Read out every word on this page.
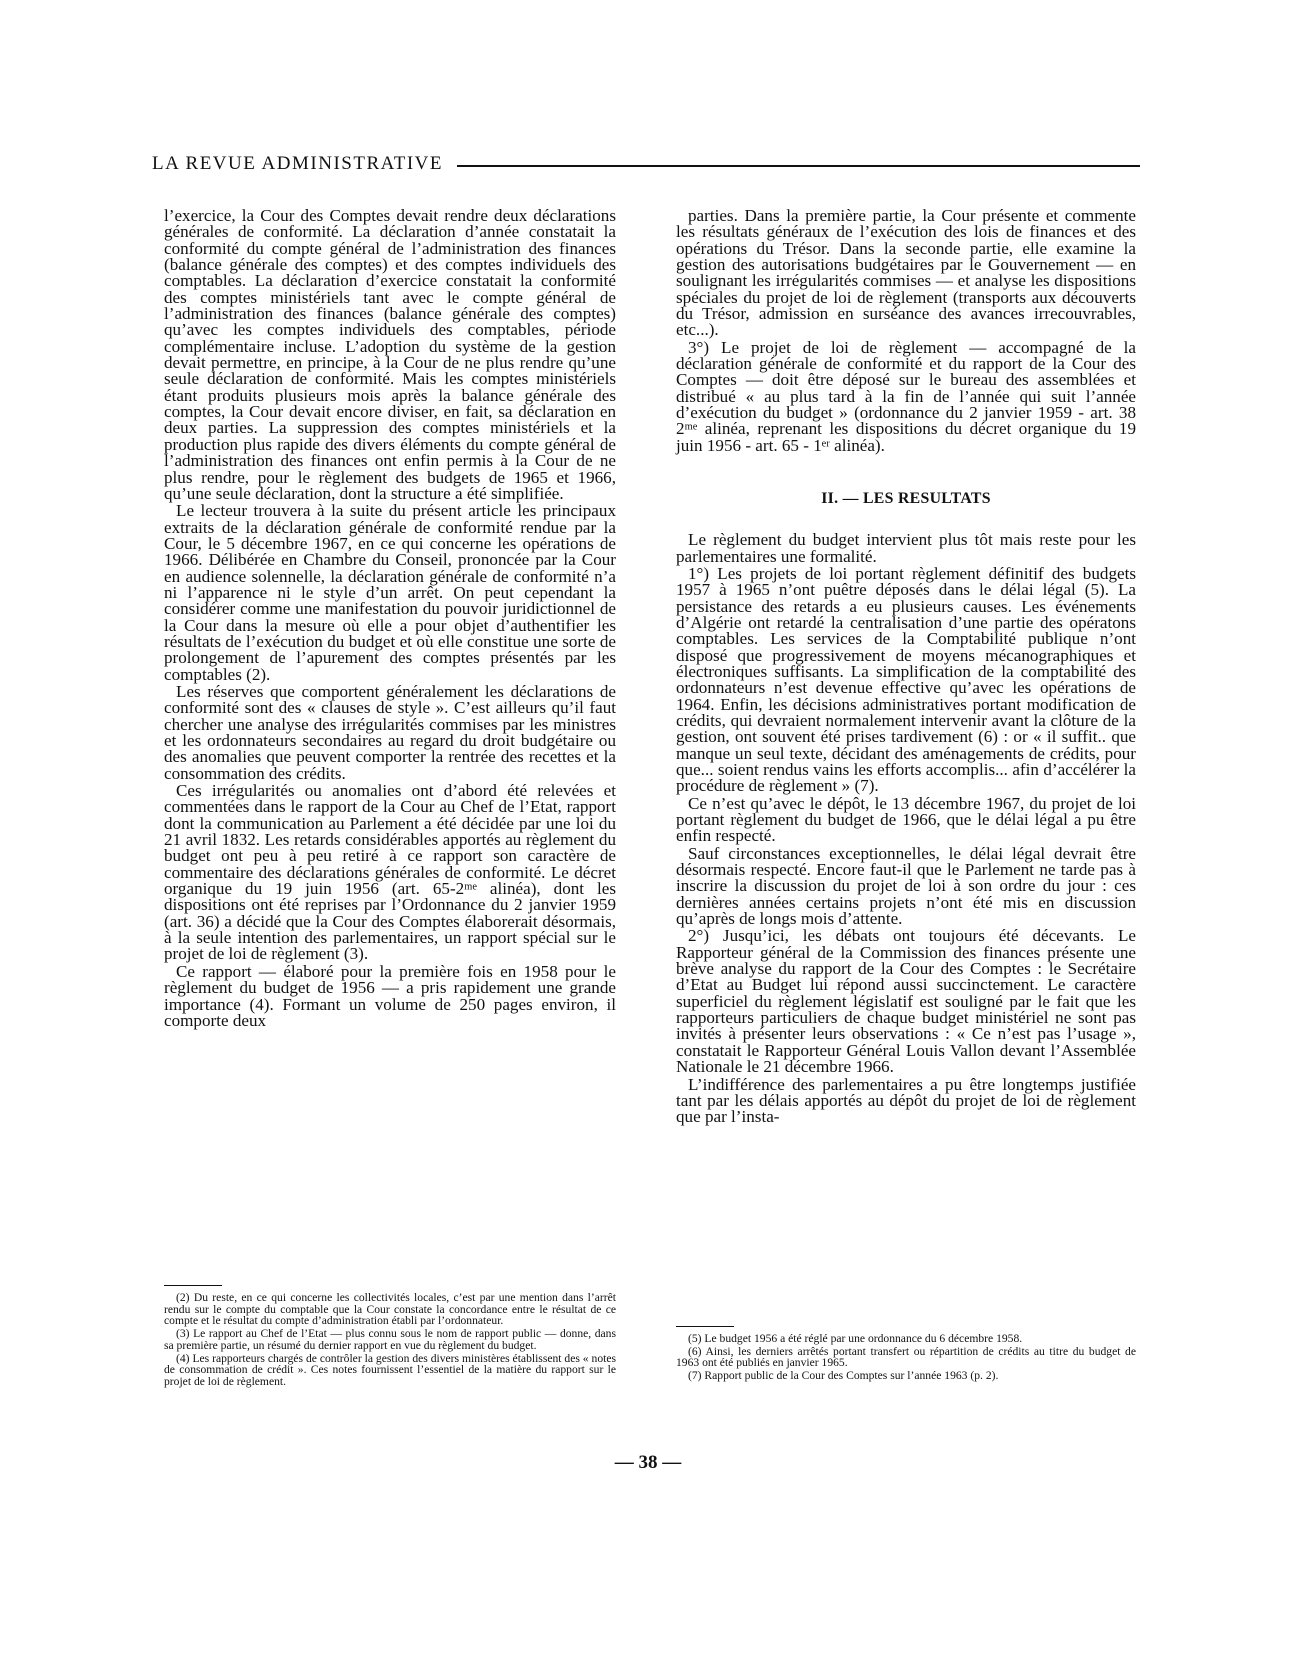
LA REVUE ADMINISTRATIVE

l’exercice, la Cour des Comptes devait rendre deux déclarations générales de conformité. La déclaration d’année constatait la conformité du compte général de l’administration des finances (balance générale des comptes) et des comptes individuels des comptables. La déclaration d’exercice constatait la conformité des comptes ministériels tant avec le compte général de l’administration des finances (balance générale des comptes) qu’avec les comptes individuels des comptables, période complémentaire incluse. L’adoption du système de la gestion devait permettre, en principe, à la Cour de ne plus rendre qu’une seule déclaration de conformité. Mais les comptes ministériels étant produits plusieurs mois après la balance générale des comptes, la Cour devait encore diviser, en fait, sa déclaration en deux parties. La suppression des comptes ministériels et la production plus rapide des divers éléments du compte général de l’administration des finances ont enfin permis à la Cour de ne plus rendre, pour le règlement des budgets de 1965 et 1966, qu’une seule déclaration, dont la structure a été simplifiée.

Le lecteur trouvera à la suite du présent article les principaux extraits de la déclaration générale de conformité rendue par la Cour, le 5 décembre 1967, en ce qui concerne les opérations de 1966. Délibérée en Chambre du Conseil, prononcée par la Cour en audience solennelle, la déclaration générale de conformité n’a ni l’apparence ni le style d’un arrêt. On peut cependant la considérer comme une manifestation du pouvoir juridictionnel de la Cour dans la mesure où elle a pour objet d’authentifier les résultats de l’exécution du budget et où elle constitue une sorte de prolongement de l’apurement des comptes présentés par les comptables (2).

Les réserves que comportent généralement les déclarations de conformité sont des « clauses de style ». C’est ailleurs qu’il faut chercher une analyse des irrégularités commises par les ministres et les ordonnateurs secondaires au regard du droit budgétaire ou des anomalies que peuvent comporter la rentrée des recettes et la consommation des crédits.

Ces irrégularités ou anomalies ont d’abord été relevées et commentées dans le rapport de la Cour au Chef de l’Etat, rapport dont la communication au Parlement a été décidée par une loi du 21 avril 1832. Les retards considérables apportés au règlement du budget ont peu à peu retiré à ce rapport son caractère de commentaire des déclarations générales de conformité. Le décret organique du 19 juin 1956 (art. 65-2ᵐᵉ alinéa), dont les dispositions ont été reprises par l’Ordonnance du 2 janvier 1959 (art. 36) a décidé que la Cour des Comptes élaborerait désormais, à la seule intention des parlementaires, un rapport spécial sur le projet de loi de règlement (3).

Ce rapport — élaboré pour la première fois en 1958 pour le règlement du budget de 1956 — a pris rapidement une grande importance (4). Formant un volume de 250 pages environ, il comporte deux

(2) Du reste, en ce qui concerne les collectivités locales, c’est par une mention dans l’arrêt rendu sur le compte du comptable que la Cour constate la concordance entre le résultat de ce compte et le résultat du compte d’administration établi par l’ordonnateur.

(3) Le rapport au Chef de l’Etat — plus connu sous le nom de rapport public — donne, dans sa première partie, un résumé du dernier rapport en vue du règlement du budget.

(4) Les rapporteurs chargés de contrôler la gestion des divers ministères établissent des « notes de consommation de crédit ». Ces notes fournissent l’essentiel de la matière du rapport sur le projet de loi de règlement.

parties. Dans la première partie, la Cour présente et commente les résultats généraux de l’exécution des lois de finances et des opérations du Trésor. Dans la seconde partie, elle examine la gestion des autorisations budgétaires par le Gouvernement — en soulignant les irrégularités commises — et analyse les dispositions spéciales du projet de loi de règlement (transports aux découverts du Trésor, admission en surséance des avances irrecouvrables, etc...).

3°) Le projet de loi de règlement — accompagné de la déclaration générale de conformité et du rapport de la Cour des Comptes — doit être déposé sur le bureau des assemblées et distribué « au plus tard à la fin de l’année qui suit l’année d’exécution du budget » (ordonnance du 2 janvier 1959 - art. 38 2ᵐᵉ alinéa, reprenant les dispositions du décret organique du 19 juin 1956 - art. 65 - 1ᵉʳ alinéa).

II. — LES RESULTATS

Le règlement du budget intervient plus tôt mais reste pour les parlementaires une formalité.

1°) Les projets de loi portant règlement définitif des budgets 1957 à 1965 n’ont puêtre déposés dans le délai légal (5). La persistance des retards a eu plusieurs causes. Les événements d’Algérie ont retardé la centralisation d’une partie des opératons comptables. Les services de la Comptabilité publique n’ont disposé que progressivement de moyens mécanographiques et électroniques suffisants. La simplification de la comptabilité des ordonnateurs n’est devenue effective qu’avec les opérations de 1964. Enfin, les décisions administratives portant modification de crédits, qui devraient normalement intervenir avant la clôture de la gestion, ont souvent été prises tardivement (6) : or « il suffit.. que manque un seul texte, décidant des aménagements de crédits, pour que... soient rendus vains les efforts accomplis... afin d’accélérer la procédure de règlement » (7).

Ce n’est qu’avec le dépôt, le 13 décembre 1967, du projet de loi portant règlement du budget de 1966, que le délai légal a pu être enfin respecté.

Sauf circonstances exceptionnelles, le délai légal devrait être désormais respecté. Encore faut-il que le Parlement ne tarde pas à inscrire la discussion du projet de loi à son ordre du jour : ces dernières années certains projets n’ont été mis en discussion qu’après de longs mois d’attente.

2°) Jusqu’ici, les débats ont toujours été décevants. Le Rapporteur général de la Commission des finances présente une brève analyse du rapport de la Cour des Comptes : le Secrétaire d’Etat au Budget lui répond aussi succinctement. Le caractère superficiel du règlement législatif est souligné par le fait que les rapporteurs particuliers de chaque budget ministériel ne sont pas invités à présenter leurs observations : « Ce n’est pas l’usage », constatait le Rapporteur Général Louis Vallon devant l’Assemblée Nationale le 21 décembre 1966.

L’indifférence des parlementaires a pu être longtemps justifiée tant par les délais apportés au dépôt du projet de loi de règlement que par l’insta-

(5) Le budget 1956 a été réglé par une ordonnance du 6 décembre 1958.

(6) Ainsi, les derniers arrêtés portant transfert ou répartition de crédits au titre du budget de 1963 ont été publiés en janvier 1965.

(7) Rapport public de la Cour des Comptes sur l’année 1963 (p. 2).

— 38 —
